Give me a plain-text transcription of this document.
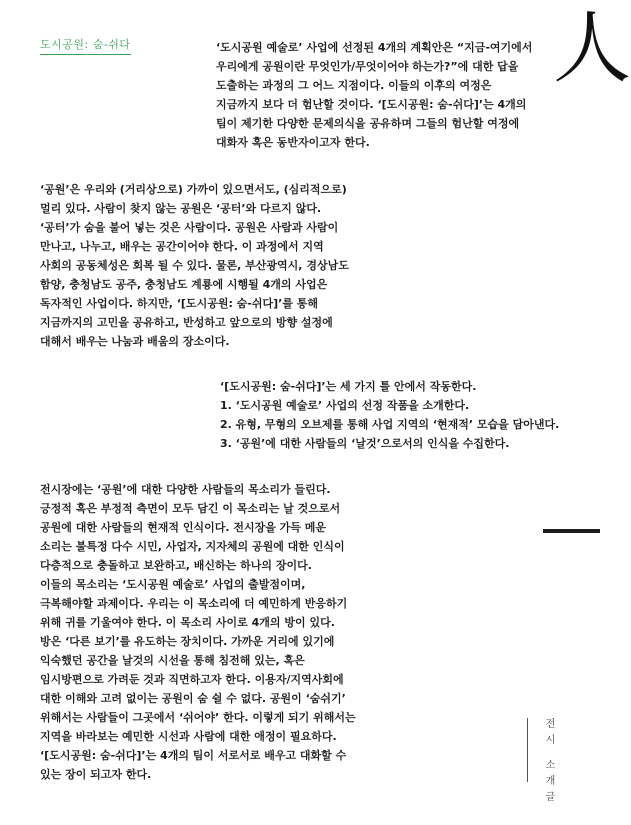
도시공원: 숨-쉬다	人

‘도시공원 예술로’ 사업에 선정된 4개의 계획안은 “지금-여기에서
우리에게 공원이란 무엇인가/무엇이어야 하는가?”에 대한 답을
도출하는 과정의 그 어느 지점이다. 이들의 이후의 여정은
지금까지 보다 더 험난할 것이다. ‘[도시공원: 숨-쉬다]’는 4개의
팀이 제기한 다양한 문제의식을 공유하며 그들의 험난할 여정에
대화자 혹은 동반자이고자 한다.

‘공원’은 우리와 (거리상으로) 가까이 있으면서도, (심리적으로)
멀리 있다. 사람이 찾지 않는 공원은 ‘공터’와 다르지 않다.
‘공터’가 숨을 불어 넣는 것은 사람이다. 공원은 사람과 사람이
만나고, 나누고, 배우는 공간이어야 한다. 이 과정에서 지역
사회의 공동체성은 회복 될 수 있다. 물론, 부산광역시, 경상남도
함양, 충청남도 공주, 충청남도 계룡에 시행될 4개의 사업은
독자적인 사업이다. 하지만, ‘[도시공원: 숨-쉬다]’를 통해
지금까지의 고민을 공유하고, 반성하고 앞으로의 방향 설정에
대해서 배우는 나눔과 배움의 장소이다.

‘[도시공원: 숨-쉬다]’는 세 가지 틀 안에서 작동한다.
1. ‘도시공원 예술로’ 사업의 선정 작품을 소개한다.
2. 유형, 무형의 오브제를 통해 사업 지역의 ‘현재적’ 모습을 담아낸다.
3. ‘공원’에 대한 사람들의 ‘날것’으로서의 인식을 수집한다.

전시장에는 ‘공원’에 대한 다양한 사람들의 목소리가 들린다.
긍정적 혹은 부정적 측면이 모두 담긴 이 목소리는 날 것으로서
공원에 대한 사람들의 현재적 인식이다. 전시장을 가득 메운
소리는 불특정 다수 시민, 사업자, 지자체의 공원에 대한 인식이
다층적으로 충돌하고 보완하고, 배신하는 하나의 장이다.
이들의 목소리는 ‘도시공원 예술로’ 사업의 출발점이며,
극복해야할 과제이다. 우리는 이 목소리에 더 예민하게 반응하기
위해 귀를 기울여야 한다. 이 목소리 사이로 4개의 방이 있다.
방은 ‘다른 보기’를 유도하는 장치이다. 가까운 거리에 있기에
익숙했던 공간을 날것의 시선을 통해 침전해 있는, 혹은
임시방편으로 가려둔 것과 직면하고자 한다. 이용자/지역사회에
대한 이해와 고려 없이는 공원이 숨 쉴 수 없다. 공원이 ‘숨쉬기’
위해서는 사람들이 그곳에서 ‘쉬어야’ 한다. 이렇게 되기 위해서는
지역을 바라보는 예민한 시선과 사람에 대한 애정이 필요하다.
‘[도시공원: 숨-쉬다]’는 4개의 팀이 서로서로 배우고 대화할 수
있는 장이 되고자 한다.	전시 소개글
